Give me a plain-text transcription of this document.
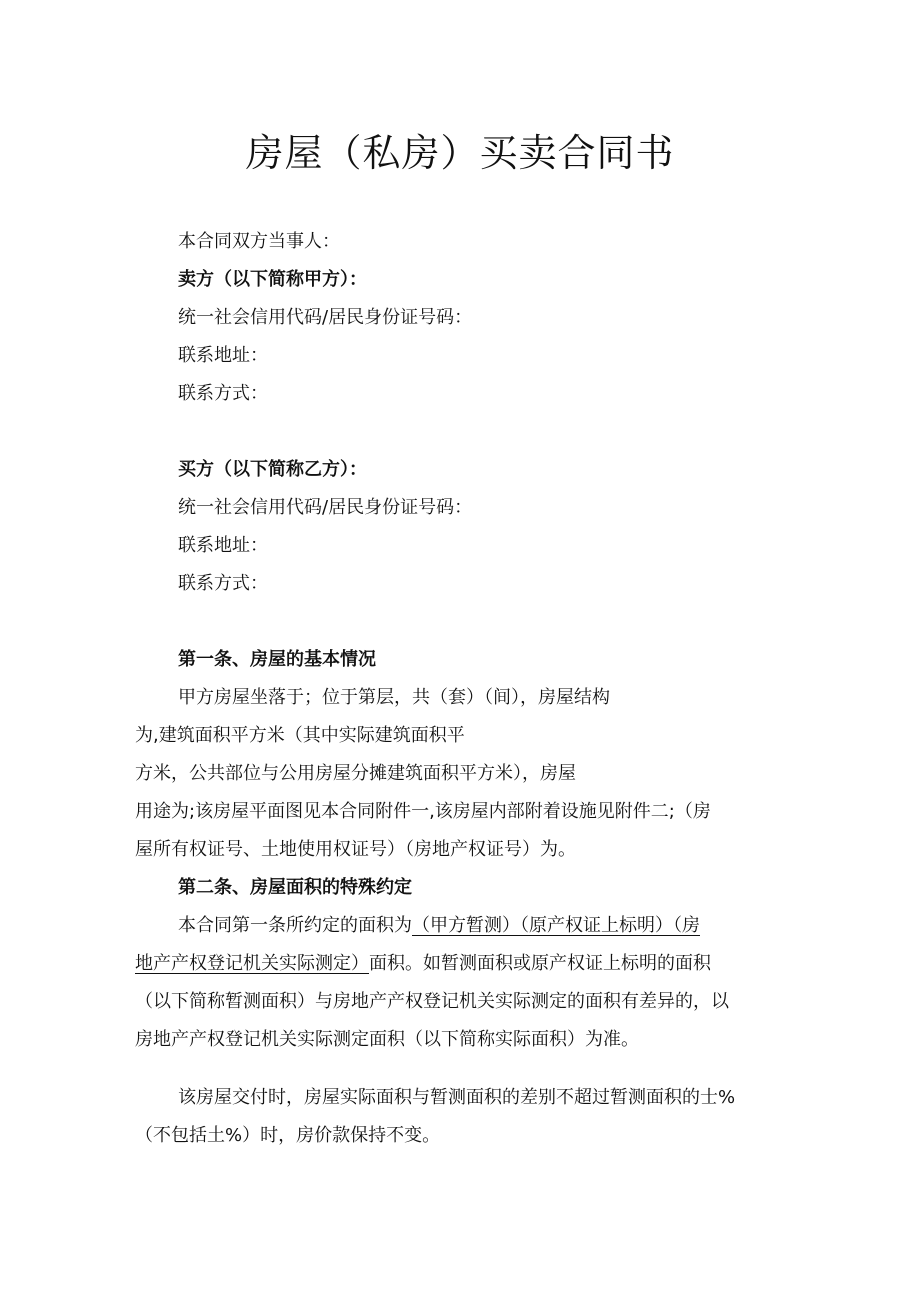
房屋（私房）买卖合同书
本合同双方当事人：
卖方（以下简称甲方）：
统一社会信用代码/居民身份证号码：
联系地址：
联系方式：
买方（以下简称乙方）：
统一社会信用代码/居民身份证号码：
联系地址：
联系方式：
第一条、房屋的基本情况
甲方房屋坐落于；位于第层，共（套）（间），房屋结构
为,建筑面积平方米（其中实际建筑面积平
方米，公共部位与公用房屋分摊建筑面积平方米），房屋
用途为;该房屋平面图见本合同附件一,该房屋内部附着设施见附件二;（房
屋所有权证号、土地使用权证号）（房地产权证号）为。
第二条、房屋面积的特殊约定
本合同第一条所约定的面积为（甲方暂测）（原产权证上标明）（房
地产产权登记机关实际测定）面积。如暂测面积或原产权证上标明的面积
（以下简称暂测面积）与房地产产权登记机关实际测定的面积有差异的，以
房地产产权登记机关实际测定面积（以下简称实际面积）为准。
该房屋交付时，房屋实际面积与暂测面积的差别不超过暂测面积的士%
（不包括土%）时，房价款保持不变。
